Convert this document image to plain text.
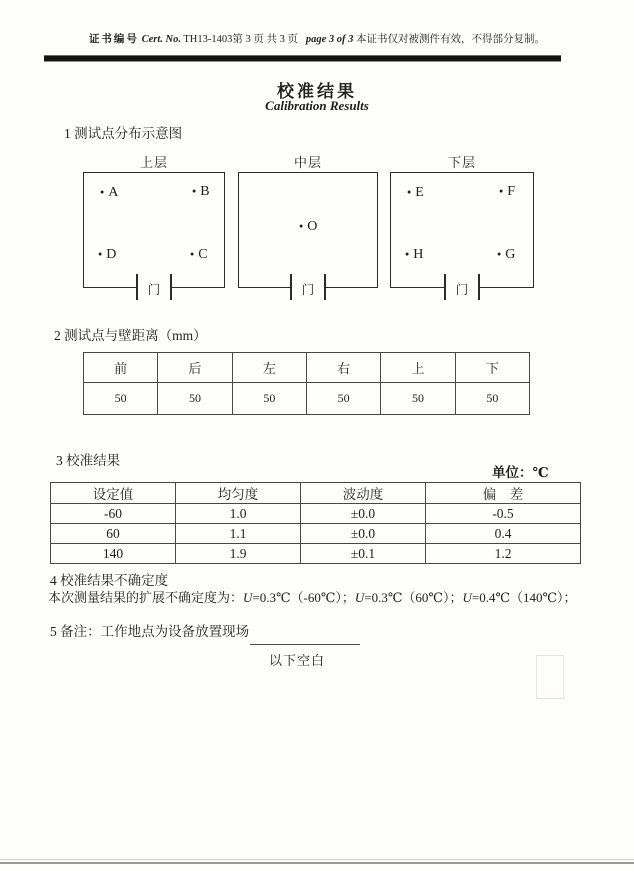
证书编号 Cert. No. TH13-1403第 3 页 共 3 页 page 3 of 3 本证书仅对被测件有效，不得部分复制。
校准结果
Calibration Results
1 测试点分布示意图
上层
● A	● B
● D	● C
门
中层
● O
门
下层
● E	● F
● H	● G
门
2 测试点与壁距离（mm）
前	后	左	右	上	下
50	50	50	50	50	50
3 校准结果
单位：℃
设定值	均匀度	波动度	偏　差
-60	1.0	±0.0	-0.5
60	1.1	±0.0	0.4
140	1.9	±0.1	1.2
4 校准结果不确定度
本次测量结果的扩展不确定度为：U=0.3℃（-60℃）；U=0.3℃（60℃）；U=0.4℃（140℃）；
5 备注：工作地点为设备放置现场
以下空白
